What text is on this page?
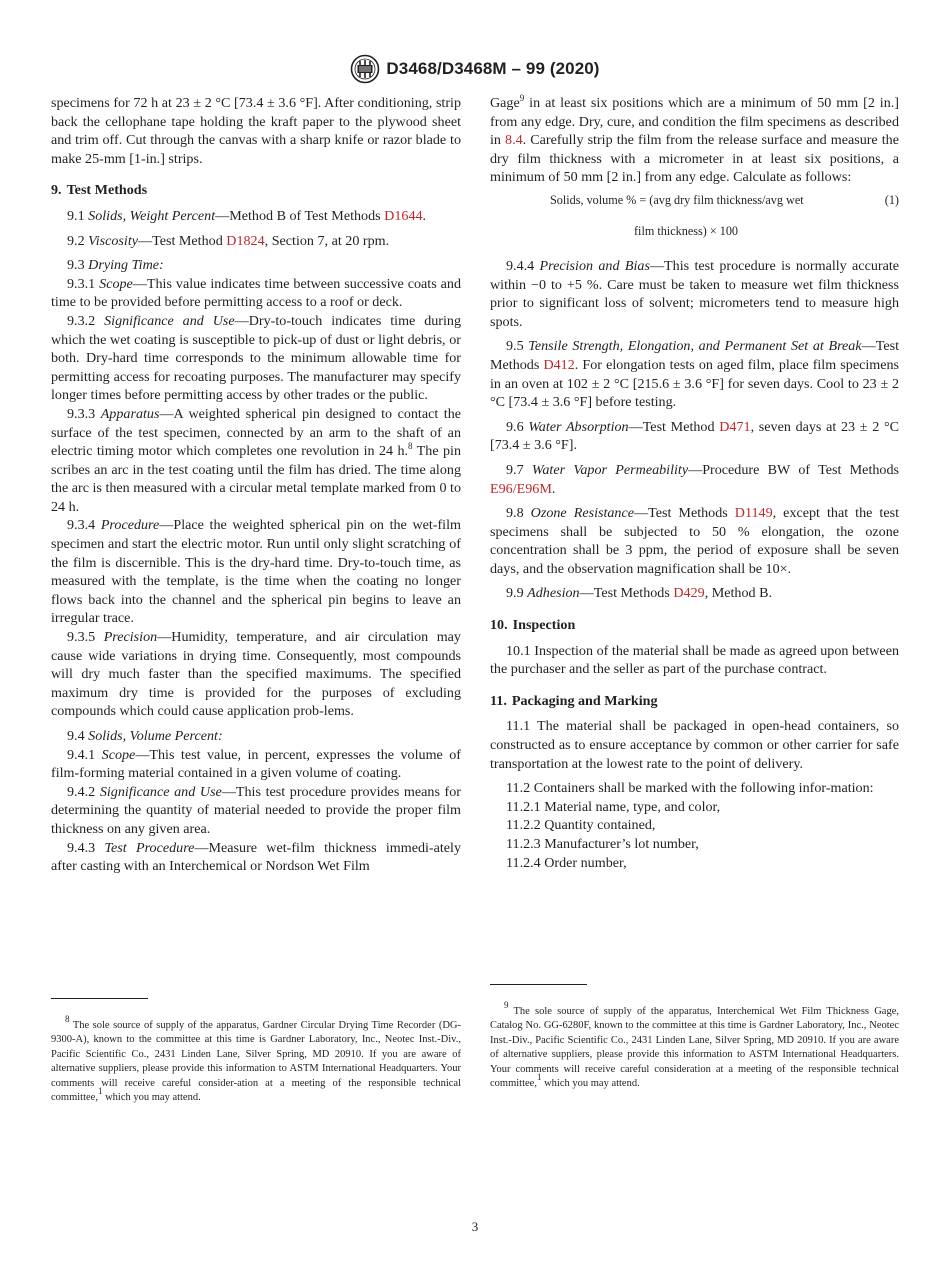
D3468/D3468M – 99 (2020)

specimens for 72 h at 23 ± 2 °C [73.4 ± 3.6 °F]. After conditioning, strip back the cellophane tape holding the kraft paper to the plywood sheet and trim off. Cut through the canvas with a sharp knife or razor blade to make 25-mm [1-in.] strips.

9. Test Methods

9.1 Solids, Weight Percent—Method B of Test Methods D1644.

9.2 Viscosity—Test Method D1824, Section 7, at 20 rpm.

9.3 Drying Time:

9.3.1 Scope—This value indicates time between successive coats and time to be provided before permitting access to a roof or deck.

9.3.2 Significance and Use—Dry-to-touch indicates time during which the wet coating is susceptible to pick-up of dust or light debris, or both. Dry-hard time corresponds to the minimum allowable time for permitting access for recoating purposes. The manufacturer may specify longer times before permitting access by other trades or the public.

9.3.3 Apparatus—A weighted spherical pin designed to contact the surface of the test specimen, connected by an arm to the shaft of an electric timing motor which completes one revolution in 24 h.$^8$ The pin scribes an arc in the test coating until the film has dried. The time along the arc is then measured with a circular metal template marked from 0 to 24 h.

9.3.4 Procedure—Place the weighted spherical pin on the wet-film specimen and start the electric motor. Run until only slight scratching of the film is discernible. This is the dry-hard time. Dry-to-touch time, as measured with the template, is the time when the coating no longer flows back into the channel and the spherical pin begins to leave an irregular trace.

9.3.5 Precision—Humidity, temperature, and air circulation may cause wide variations in drying time. Consequently, most compounds will dry much faster than the specified maximums. The specified maximum dry time is provided for the purposes of excluding compounds which could cause application prob-lems.

9.4 Solids, Volume Percent:

9.4.1 Scope—This test value, in percent, expresses the volume of film-forming material contained in a given volume of coating.

9.4.2 Significance and Use—This test procedure provides means for determining the quantity of material needed to provide the proper film thickness on any given area.

9.4.3 Test Procedure—Measure wet-film thickness immedi-ately after casting with an Interchemical or Nordson Wet Film

8 The sole source of supply of the apparatus, Gardner Circular Drying Time Recorder (DG-9300-A), known to the committee at this time is Gardner Laboratory, Inc., Neotec Inst.-Div., Pacific Scientific Co., 2431 Linden Lane, Silver Spring, MD 20910. If you are aware of alternative suppliers, please provide this information to ASTM International Headquarters. Your comments will receive careful consider-ation at a meeting of the responsible technical committee,1 which you may attend.

Gage$^9$ in at least six positions which are a minimum of 50 mm [2 in.] from any edge. Dry, cure, and condition the film specimens as described in 8.4. Carefully strip the film from the release surface and measure the dry film thickness with a micrometer in at least six positions, a minimum of 50 mm [2 in.] from any edge. Calculate as follows:

Solids, volume % = (avg dry film thickness/avg wet	(1)
film thickness) × 100

9.4.4 Precision and Bias—This test procedure is normally accurate within −0 to +5 %. Care must be taken to measure wet film thickness prior to significant loss of solvent; micrometers tend to measure high spots.

9.5 Tensile Strength, Elongation, and Permanent Set at Break—Test Methods D412. For elongation tests on aged film, place film specimens in an oven at 102 ± 2 °C [215.6 ± 3.6 °F] for seven days. Cool to 23 ± 2 °C [73.4 ± 3.6 °F] before testing.

9.6 Water Absorption—Test Method D471, seven days at 23 ± 2 °C [73.4 ± 3.6 °F].

9.7 Water Vapor Permeability—Procedure BW of Test Methods E96/E96M.

9.8 Ozone Resistance—Test Methods D1149, except that the test specimens shall be subjected to 50 % elongation, the ozone concentration shall be 3 ppm, the period of exposure shall be seven days, and the observation magnification shall be 10×.

9.9 Adhesion—Test Methods D429, Method B.

10. Inspection

10.1 Inspection of the material shall be made as agreed upon between the purchaser and the seller as part of the purchase contract.

11. Packaging and Marking

11.1 The material shall be packaged in open-head containers, so constructed as to ensure acceptance by common or other carrier for safe transportation at the lowest rate to the point of delivery.

11.2 Containers shall be marked with the following infor-mation:

11.2.1 Material name, type, and color,

11.2.2 Quantity contained,

11.2.3 Manufacturer’s lot number,

11.2.4 Order number,

9 The sole source of supply of the apparatus, Interchemical Wet Film Thickness Gage, Catalog No. GG-6280F, known to the committee at this time is Gardner Laboratory, Inc., Neotec Inst.-Div., Pacific Scientific Co., 2431 Linden Lane, Silver Spring, MD 20910. If you are aware of alternative suppliers, please provide this information to ASTM International Headquarters. Your comments will receive careful consideration at a meeting of the responsible technical committee,1 which you may attend.

3
